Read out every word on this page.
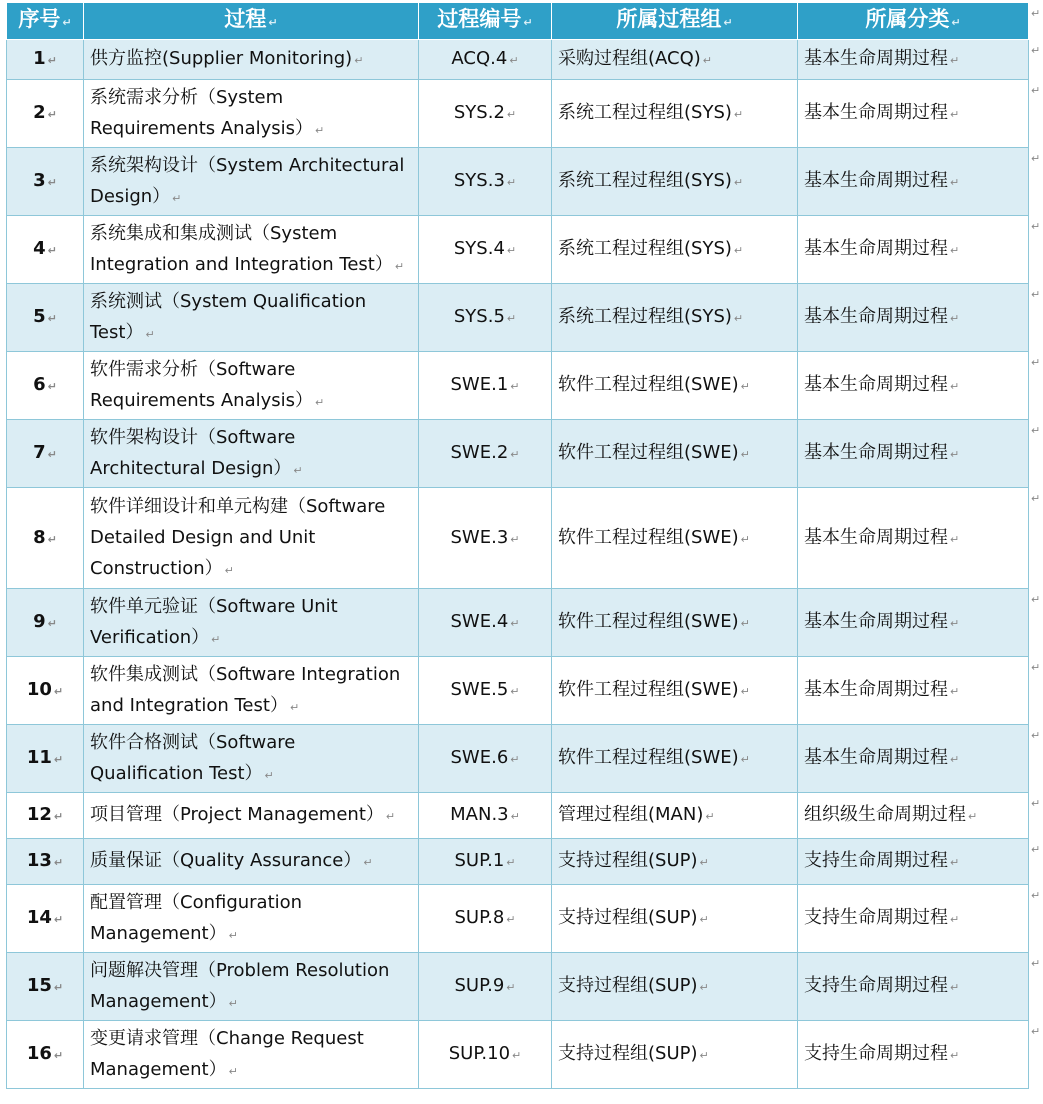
序号 ↵	过程 ↵	过程编号 ↵	所属过程组 ↵	所属分类 ↵
1 ↵	供方监控(Supplier Monitoring) ↵	ACQ.4 ↵	采购过程组(ACQ) ↵	基本生命周期过程 ↵
2 ↵	系统需求分析（System Requirements Analysis） ↵	SYS.2 ↵	系统工程过程组(SYS) ↵	基本生命周期过程 ↵
3 ↵	系统架构设计（System Architectural Design） ↵	SYS.3 ↵	系统工程过程组(SYS) ↵	基本生命周期过程 ↵
4 ↵	系统集成和集成测试（System Integration and Integration Test） ↵	SYS.4 ↵	系统工程过程组(SYS) ↵	基本生命周期过程 ↵
5 ↵	系统测试（System Qualification Test） ↵	SYS.5 ↵	系统工程过程组(SYS) ↵	基本生命周期过程 ↵
6 ↵	软件需求分析（Software Requirements Analysis） ↵	SWE.1 ↵	软件工程过程组(SWE) ↵	基本生命周期过程 ↵
7 ↵	软件架构设计（Software Architectural Design） ↵	SWE.2 ↵	软件工程过程组(SWE) ↵	基本生命周期过程 ↵
8 ↵	软件详细设计和单元构建（Software Detailed Design and Unit Construction） ↵	SWE.3 ↵	软件工程过程组(SWE) ↵	基本生命周期过程 ↵
9 ↵	软件单元验证（Software Unit Verification） ↵	SWE.4 ↵	软件工程过程组(SWE) ↵	基本生命周期过程 ↵
10 ↵	软件集成测试（Software Integration and Integration Test） ↵	SWE.5 ↵	软件工程过程组(SWE) ↵	基本生命周期过程 ↵
11 ↵	软件合格测试（Software Qualification Test） ↵	SWE.6 ↵	软件工程过程组(SWE) ↵	基本生命周期过程 ↵
12 ↵	项目管理（Project Management） ↵	MAN.3 ↵	管理过程组(MAN) ↵	组织级生命周期过程 ↵
13 ↵	质量保证（Quality Assurance） ↵	SUP.1 ↵	支持过程组(SUP) ↵	支持生命周期过程 ↵
14 ↵	配置管理（Configuration Management） ↵	SUP.8 ↵	支持过程组(SUP) ↵	支持生命周期过程 ↵
15 ↵	问题解决管理（Problem Resolution Management） ↵	SUP.9 ↵	支持过程组(SUP) ↵	支持生命周期过程 ↵
16 ↵	变更请求管理（Change Request Management） ↵	SUP.10 ↵	支持过程组(SUP) ↵	支持生命周期过程 ↵
↵
↵
↵
↵
↵
↵
↵
↵
↵
↵
↵
↵
↵
↵
↵
↵
↵
